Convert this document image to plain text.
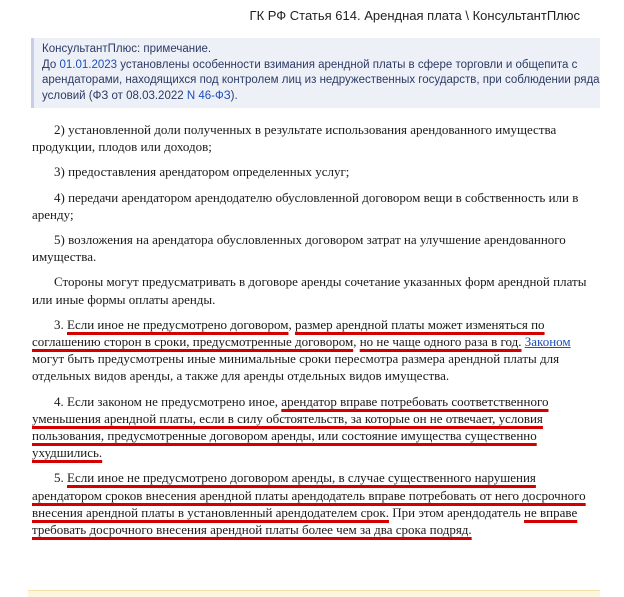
ГК РФ Статья 614. Арендная плата \ КонсультантПлюс
КонсультантПлюс: примечание.
До 01.01.2023 установлены особенности взимания арендной платы в сфере торговли и общепита с арендаторами, находящихся под контролем лиц из недружественных государств, при соблюдении ряда условий (ФЗ от 08.03.2022 N 46-ФЗ).

2) установленной доли полученных в результате использования арендованного имущества продукции, плодов или доходов;

3) предоставления арендатором определенных услуг;

4) передачи арендатором арендодателю обусловленной договором вещи в собственность или в аренду;

5) возложения на арендатора обусловленных договором затрат на улучшение арендованного имущества.

Стороны могут предусматривать в договоре аренды сочетание указанных форм арендной платы или иные формы оплаты аренды.

3. Если иное не предусмотрено договором, размер арендной платы может изменяться по соглашению сторон в сроки, предусмотренные договором, но не чаще одного раза в год. Законом могут быть предусмотрены иные минимальные сроки пересмотра размера арендной платы для отдельных видов аренды, а также для аренды отдельных видов имущества.

4. Если законом не предусмотрено иное, арендатор вправе потребовать соответственного уменьшения арендной платы, если в силу обстоятельств, за которые он не отвечает, условия пользования, предусмотренные договором аренды, или состояние имущества существенно ухудшились.

5. Если иное не предусмотрено договором аренды, в случае существенного нарушения арендатором сроков внесения арендной платы арендодатель вправе потребовать от него досрочного внесения арендной платы в установленный арендодателем срок. При этом арендодатель не вправе требовать досрочного внесения арендной платы более чем за два срока подряд.
